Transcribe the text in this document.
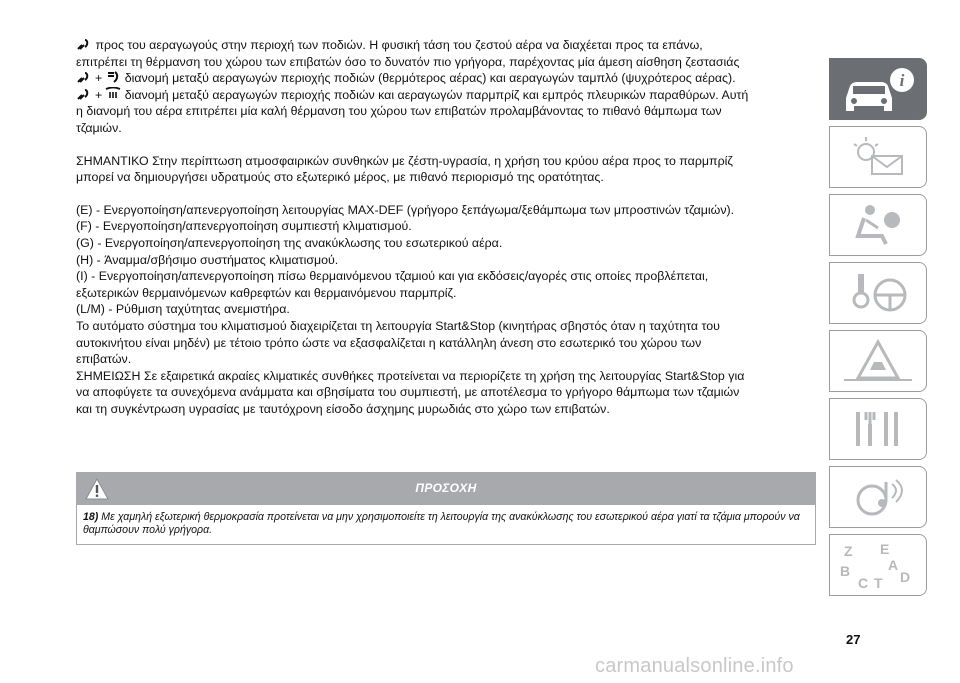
προς του αεραγωγούς στην περιοχή των ποδιών. Η φυσική τάση του ζεστού αέρα να διαχέεται προς τα επάνω,

επιτρέπει τη θέρμανση του χώρου των επιβατών όσο το δυνατόν πιο γρήγορα, παρέχοντας μία άμεση αίσθηση ζεστασιάς

+ διανομή μεταξύ αεραγωγών περιοχής ποδιών (θερμότερος αέρας) και αεραγωγών ταμπλό (ψυχρότερος αέρας).

+ διανομή μεταξύ αεραγωγών περιοχής ποδιών και αεραγωγών παρμπρίζ και εμπρός πλευρικών παραθύρων. Αυτή

η διανομή του αέρα επιτρέπει μία καλή θέρμανση του χώρου των επιβατών προλαμβάνοντας το πιθανό θάμπωμα των

τζαμιών.

ΣΗΜΑΝΤΙΚΟ Στην περίπτωση ατμοσφαιρικών συνθηκών με ζέστη-υγρασία, η χρήση του κρύου αέρα προς το παρμπρίζ

μπορεί να δημιουργήσει υδρατμούς στο εξωτερικό μέρος, με πιθανό περιορισμό της ορατότητας.

(E) - Ενεργοποίηση/απενεργοποίηση λειτουργίας MAX-DEF (γρήγορο ξεπάγωμα/ξεθάμπωμα των μπροστινών τζαμιών).

(F) - Ενεργοποίηση/απενεργοποίηση συμπιεστή κλιματισμού.

(G) - Ενεργοποίηση/απενεργοποίηση της ανακύκλωσης του εσωτερικού αέρα.

(H) - Άναμμα/σβήσιμο συστήματος κλιματισμού.

(I) - Ενεργοποίηση/απενεργοποίηση πίσω θερμαινόμενου τζαμιού και για εκδόσεις/αγορές στις οποίες προβλέπεται,

εξωτερικών θερμαινόμενων καθρεφτών και θερμαινόμενου παρμπρίζ.

(L/M) - Ρύθμιση ταχύτητας ανεμιστήρα.

Το αυτόματο σύστημα του κλιματισμού διαχειρίζεται τη λειτουργία Start&Stop (κινητήρας σβηστός όταν η ταχύτητα του

αυτοκινήτου είναι μηδέν) με τέτοιο τρόπο ώστε να εξασφαλίζεται η κατάλληλη άνεση στο εσωτερικό του χώρου των

επιβατών.

ΣΗΜΕΙΩΣΗ Σε εξαιρετικά ακραίες κλιματικές συνθήκες προτείνεται να περιορίζετε τη χρήση της λειτουργίας Start&Stop για

να αποφύγετε τα συνεχόμενα ανάμματα και σβησίματα του συμπιεστή, με αποτέλεσμα το γρήγορο θάμπωμα των τζαμιών

και τη συγκέντρωση υγρασίας με ταυτόχρονη είσοδο άσχημης μυρωδιάς στο χώρο των επιβατών.

ΠΡΟΣΟΧΗ
18) Με χαμηλή εξωτερική θερμοκρασία προτείνεται να μην χρησιμοποιείτε τη λειτουργία της ανακύκλωσης του εσωτερικού αέρα γιατί τα τζάμια μπορούν να θαμπώσουν πολύ γρήγορα.
i
Z E
A
B	D
C T
27
carmanualsonline.info
